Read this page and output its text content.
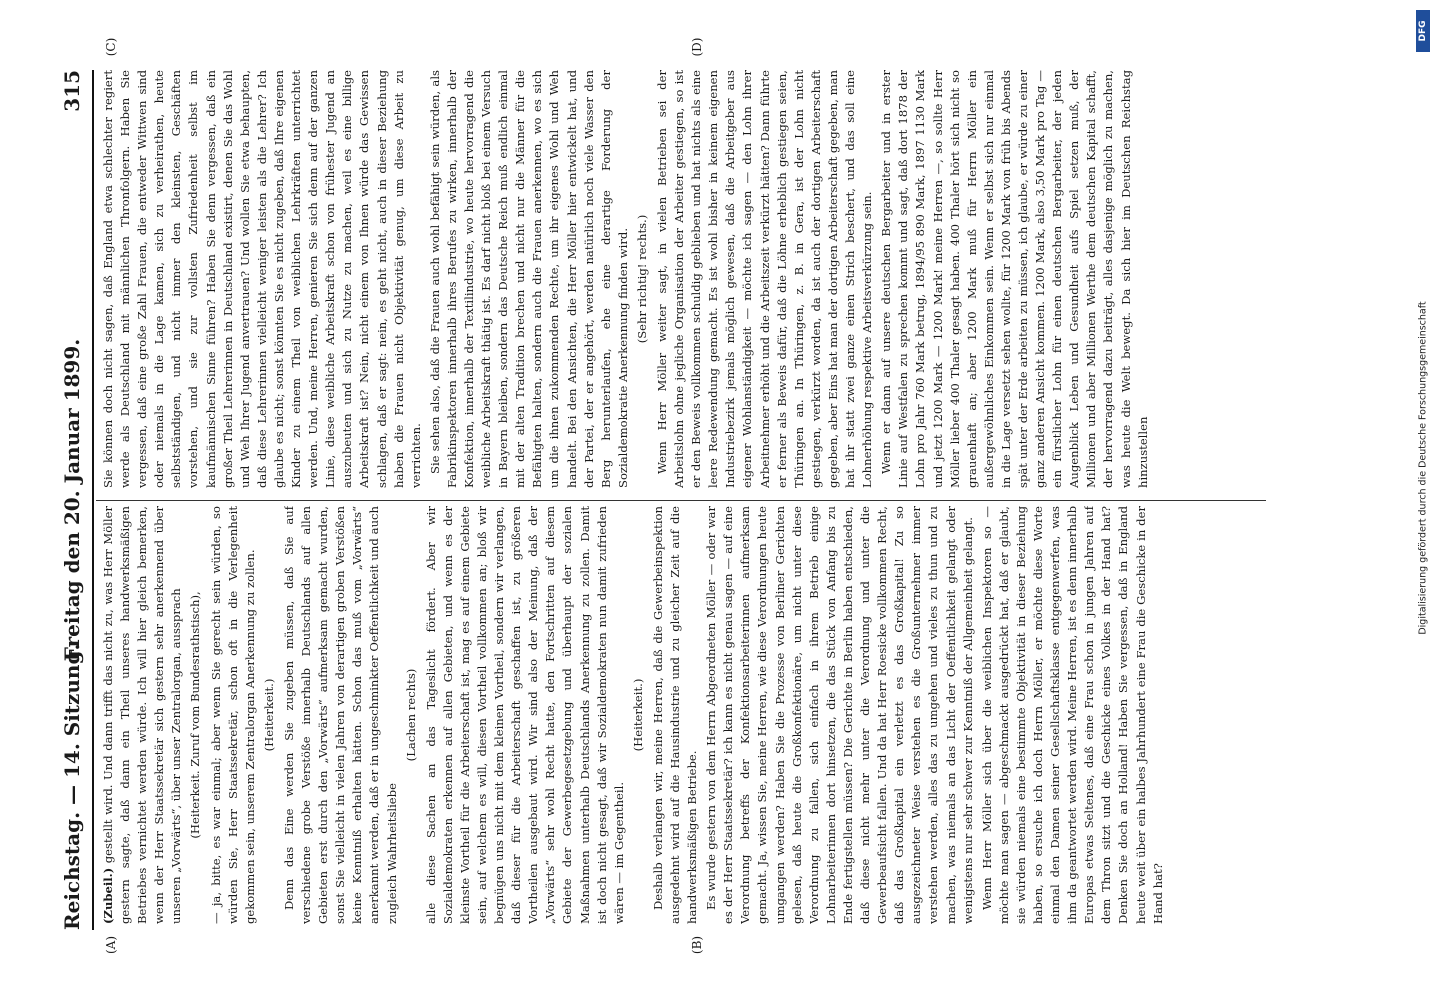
Reichstag. — 14. Sitzung.
Freitag den 20. Januar 1899.
315
(A)	(B)
(C)	(D)

(Zubeil.) gestellt wird. Und dann trifft das nicht zu, was Herr Möller gestern sagte, daß dann ein Theil unseres handwerksmäßigen Betriebes vernichtet werden würde. Ich will hier gleich bemerken, wenn der Herr Staatssekretär sich gestern sehr anerkennend über unseren „Vorwärts“, über unser Zentralorgan, aussprach (Heiterkeit. Zuruf vom Bundesrathstisch), — ja, bitte, es war einmal; aber wenn Sie gerecht sein würden, so würden Sie, Herr Staatssekretär, schon oft in die Verlegenheit gekommen sein, unserem Zentralorgan Anerkennung zu zollen. (Heiterkeit.) Denn das Eine werden Sie zugeben müssen, daß Sie auf verschiedene grobe Verstöße innerhalb Deutschlands auf allen Gebieten erst durch den „Vorwärts“ aufmerksam gemacht wurden, sonst Sie vielleicht in vielen Jahren von derartigen groben Verstößen keine Kenntniß erhalten hätten. Schon das muß vom „Vorwärts“ anerkannt werden, daß er in ungeschminkter Oeffentlichkeit und auch zugleich Wahrheitsliebe

(Lachen rechts) alle diese Sachen an das Tageslicht fördert. Aber wir Sozialdemokraten erkennen auf allen Gebieten, und wenn es der kleinste Vortheil für die Arbeiterschaft ist, mag es auf einem Gebiete sein, auf welchem es will, diesen Vortheil vollkommen an; bloß wir begnügen uns nicht mit dem kleinen Vortheil, sondern wir verlangen, daß dieser für die Arbeiterschaft geschaffen ist, zu größeren Vortheilen ausgebaut wird. Wir sind also der Meinung, daß der „Vorwärts“ sehr wohl Recht hatte, den Fortschritten auf diesem Gebiete der Gewerbegesetzgebung und überhaupt der sozialen Maßnahmen unterhalb Deutschlands Anerkennung zu zollen. Damit ist doch nicht gesagt, daß wir Sozialdemokraten nun damit zufrieden wären — im Gegentheil.

(Heiterkeit.) Deshalb verlangen wir, meine Herren, daß die Gewerbeinspektion ausgedehnt wird auf die Hausindustrie und zu gleicher Zeit auf die handwerksmäßigen Betriebe. Es wurde gestern von dem Herrn Abgeordneten Möller — oder war es der Herr Staatssekretär? ich kann es nicht genau sagen — auf eine Verordnung betreffs der Konfektionsarbeiterinnen aufmerksam gemacht. Ja, wissen Sie, meine Herren, wie diese Verordnungen heute umgangen werden? Haben Sie die Prozesse von Berliner Gerichten gelesen, daß heute die Großkonfektionäre, um nicht unter diese Verordnung zu fallen, sich einfach in ihrem Betrieb einige Lohnarbeiterinnen dort hinsetzen, die das Stück von Anfang bis zu Ende fertigstellen müssen? Die Gerichte in Berlin haben entschieden, daß diese nicht mehr unter die Verordnung und unter die Gewerbeaufsicht fallen. Und da hat Herr Roesicke vollkommen Recht, daß das Großkapital ein verletzt es das Großkapital! Zu so ausgezeichneter Weise verstehen es die Großunternehmer immer verstehen werden, alles das zu umgehen und vieles zu thun und zu machen, was niemals an das Licht der Oeffentlichkeit gelangt oder wenigstens nur sehr schwer zur Kenntniß der Allgemeinheit gelangt. Wenn Herr Möller sich über die weiblichen Inspektoren so — möchte man sagen — abgeschmackt ausgedrückt hat, daß er glaubt, sie würden niemals eine bestimmte Objektivität in dieser Beziehung haben, so ersuche ich doch Herrn Möller, er möchte diese Worte einmal den Damen seiner Gesellschaftsklasse entgegenwerfen, was ihm da geantwortet werden wird. Meine Herren, ist es denn innerhalb Europas etwas Seltenes, daß eine Frau schon in jungen Jahren auf dem Thron sitzt und die Geschicke eines Volkes in der Hand hat? Denken Sie doch an Holland! Haben Sie vergessen, daß in England heute weit über ein halbes Jahrhundert eine Frau die Geschicke in der Hand hat?

Sie können doch nicht sagen, daß England etwa schlechter regiert werde als Deutschland mit männlichen Thronfolgern. Haben Sie vergessen, daß eine große Zahl Frauen, die entweder Wittwen sind oder niemals in die Lage kamen, sich zu verheirathen, heute selbstständigen, und nicht immer den kleinsten, Geschäften vorstehen, und sie zur vollsten Zufriedenheit selbst im kaufmännischen Sinne führen? Haben Sie denn vergessen, daß ein großer Theil Lehrerinnen in Deutschland existirt, denen Sie das Wohl und Weh Ihrer Jugend anvertrauen? Und wollen Sie etwa behaupten, daß diese Lehrerinnen vielleicht weniger leisten als die Lehrer? Ich glaube es nicht; sonst könnten Sie es nicht zugeben, daß Ihre eigenen Kinder zu einem Theil von weiblichen Lehrkräften unterrichtet werden. Und, meine Herren, genieren Sie sich denn auf der ganzen Linie, diese weibliche Arbeitskraft schon von frühester Jugend an auszubeuten und sich zu Nutze zu machen, weil es eine billige Arbeitskraft ist? Nein, nicht einem von Ihnen würde das Gewissen schlagen, daß er sagt: nein, es geht nicht, auch in dieser Beziehung haben die Frauen nicht Objektivität genug, um diese Arbeit zu verrichten. Sie sehen also, daß die Frauen auch wohl befähigt sein würden, als Fabrikinspektoren innerhalb ihres Berufes zu wirken, innerhalb der Konfektion, innerhalb der Textilindustrie, wo heute hervorragend die weibliche Arbeitskraft thätig ist. Es darf nicht bloß bei einem Versuch in Bayern bleiben, sondern das Deutsche Reich muß endlich einmal mit der alten Tradition brechen und nicht nur die Männer für die Befähigten halten, sondern auch die Frauen anerkennen, wo es sich um die ihnen zukommenden Rechte, um ihr eigenes Wohl und Weh handelt. Bei den Ansichten, die Herr Möller hier entwickelt hat, und der Partei, der er angehört, werden natürlich noch viele Wasser den Berg herunterlaufen, ehe eine derartige Forderung der Sozialdemokratie Anerkennung finden wird. (Sehr richtig! rechts.) Wenn Herr Möller weiter sagt, in vielen Betrieben sei der Arbeitslohn ohne jegliche Organisation der Arbeiter gestiegen, so ist er den Beweis vollkommen schuldig geblieben und hat nichts als eine leere Redewendung gemacht. Es ist wohl bisher in keinem eigenen Industriebezirk jemals möglich gewesen, daß die Arbeitgeber aus eigener Wohlanständigkeit — möchte ich sagen — den Lohn ihrer Arbeitnehmer erhöht und die Arbeitszeit verkürzt hätten? Dann führte er ferner als Beweis dafür, daß die Löhne erheblich gestiegen seien, Thüringen an. In Thüringen, z. B. in Gera, ist der Lohn nicht gestiegen, verkürzt worden, da ist auch der dortigen Arbeiterschaft gegeben, aber Eins hat man der dortigen Arbeiterschaft gegeben, man hat ihr statt zwei ganze einen Strich beschert, und das soll eine Lohnerhöhung respektive Arbeitsverkürzung sein. Wenn er dann auf unsere deutschen Bergarbeiter und in erster Linie auf Westfalen zu sprechen kommt und sagt, daß dort 1878 der Lohn pro Jahr 760 Mark betrug, 1894/95 890 Mark, 1897 1130 Mark und jetzt 1200 Mark — 1200 Mark! meine Herren —, so sollte Herr Möller lieber 400 Thaler gesagt haben. 400 Thaler hört sich nicht so grauenhaft an; aber 1200 Mark muß für Herrn Möller ein außergewöhnliches Einkommen sein. Wenn er selbst sich nur einmal in die Lage versetzt sehen wollte, für 1200 Mark von früh bis Abends spät unter der Erde arbeiten zu müssen, ich glaube, er würde zu einer ganz anderen Ansicht kommen. 1200 Mark, also 3,50 Mark pro Tag — ein fürstlicher Lohn für einen deutschen Bergarbeiter, der jeden Augenblick Leben und Gesundheit aufs Spiel setzen muß, der Millionen und aber Millionen Werthe dem deutschen Kapital schafft, der hervorragend dazu beiträgt, alles dasjenige möglich zu machen, was heute die Welt bewegt. Da sich hier im Deutschen Reichstag hinzustellen

DFG
Digitalisierung gefördert durch die Deutsche Forschungsgemeinschaft
